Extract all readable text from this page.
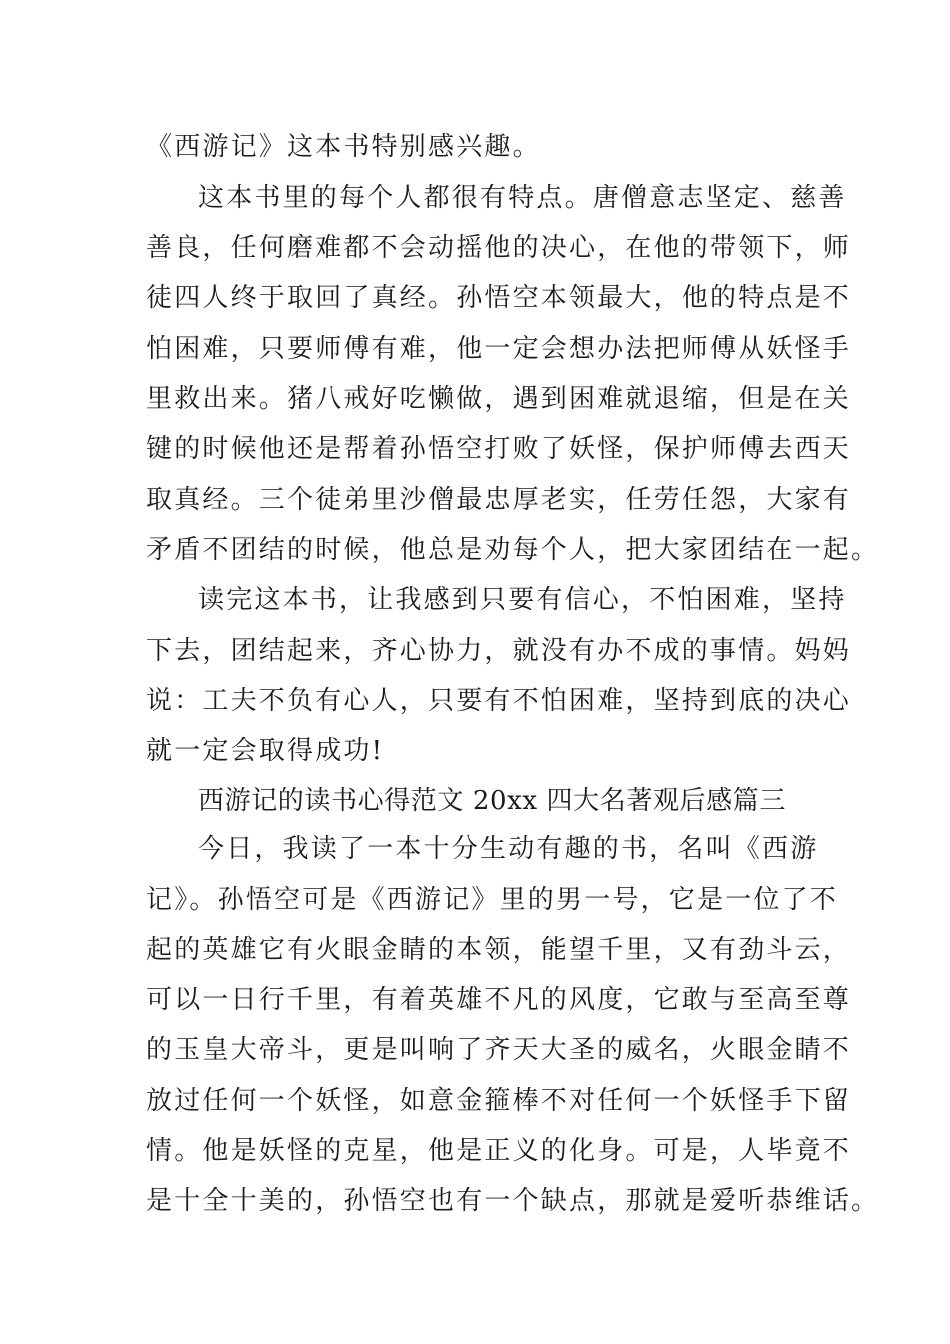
《西游记》这本书特别感兴趣。
这本书里的每个人都很有特点。唐僧意志坚定、慈善
善良，任何磨难都不会动摇他的决心，在他的带领下，师
徒四人终于取回了真经。孙悟空本领最大，他的特点是不
怕困难，只要师傅有难，他一定会想办法把师傅从妖怪手
里救出来。猪八戒好吃懒做，遇到困难就退缩，但是在关
键的时候他还是帮着孙悟空打败了妖怪，保护师傅去西天
取真经。三个徒弟里沙僧最忠厚老实，任劳任怨，大家有
矛盾不团结的时候，他总是劝每个人，把大家团结在一起。
读完这本书，让我感到只要有信心，不怕困难，坚持
下去，团结起来，齐心协力，就没有办不成的事情。妈妈
说：工夫不负有心人，只要有不怕困难，坚持到底的决心
就一定会取得成功!
西游记的读书心得范文 20xx 四大名著观后感篇三
今日，我读了一本十分生动有趣的书，名叫《西游
记》。孙悟空可是《西游记》里的男一号，它是一位了不
起的英雄它有火眼金睛的本领，能望千里，又有劲斗云，
可以一日行千里，有着英雄不凡的风度，它敢与至高至尊
的玉皇大帝斗，更是叫响了齐天大圣的威名，火眼金睛不
放过任何一个妖怪，如意金箍棒不对任何一个妖怪手下留
情。他是妖怪的克星，他是正义的化身。可是，人毕竟不
是十全十美的，孙悟空也有一个缺点，那就是爱听恭维话。
